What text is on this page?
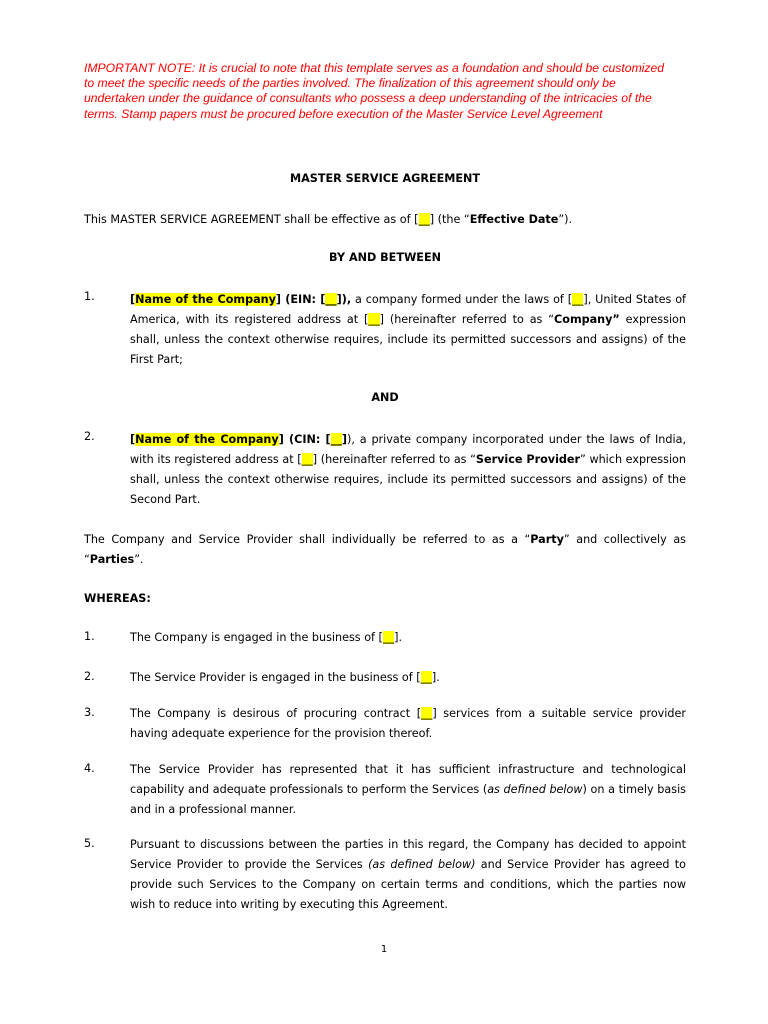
IMPORTANT NOTE: It is crucial to note that this template serves as a foundation and should be customized to meet the specific needs of the parties involved. The finalization of this agreement should only be undertaken under the guidance of consultants who possess a deep understanding of the intricacies of the terms. Stamp papers must be procured before execution of the Master Service Level Agreement
MASTER SERVICE AGREEMENT
This MASTER SERVICE AGREEMENT shall be effective as of [__] (the “Effective Date”).
BY AND BETWEEN
1.	[Name of the Company] (EIN: [__]), a company formed under the laws of [__], United States of America, with its registered address at [__] (hereinafter referred to as “Company” expression shall, unless the context otherwise requires, include its permitted successors and assigns) of the First Part;
AND
2.	[Name of the Company] (CIN: [__]), a private company incorporated under the laws of India, with its registered address at [__] (hereinafter referred to as “Service Provider” which expression shall, unless the context otherwise requires, include its permitted successors and assigns) of the Second Part.
The Company and Service Provider shall individually be referred to as a “Party” and collectively as “Parties”.
WHEREAS:
1.	The Company is engaged in the business of [__].
2.	The Service Provider is engaged in the business of [__].
3.	The Company is desirous of procuring contract [__] services from a suitable service provider having adequate experience for the provision thereof.
4.	The Service Provider has represented that it has sufficient infrastructure and technological capability and adequate professionals to perform the Services (as defined below) on a timely basis and in a professional manner.
5.	Pursuant to discussions between the parties in this regard, the Company has decided to appoint Service Provider to provide the Services (as defined below) and Service Provider has agreed to provide such Services to the Company on certain terms and conditions, which the parties now wish to reduce into writing by executing this Agreement.
1
